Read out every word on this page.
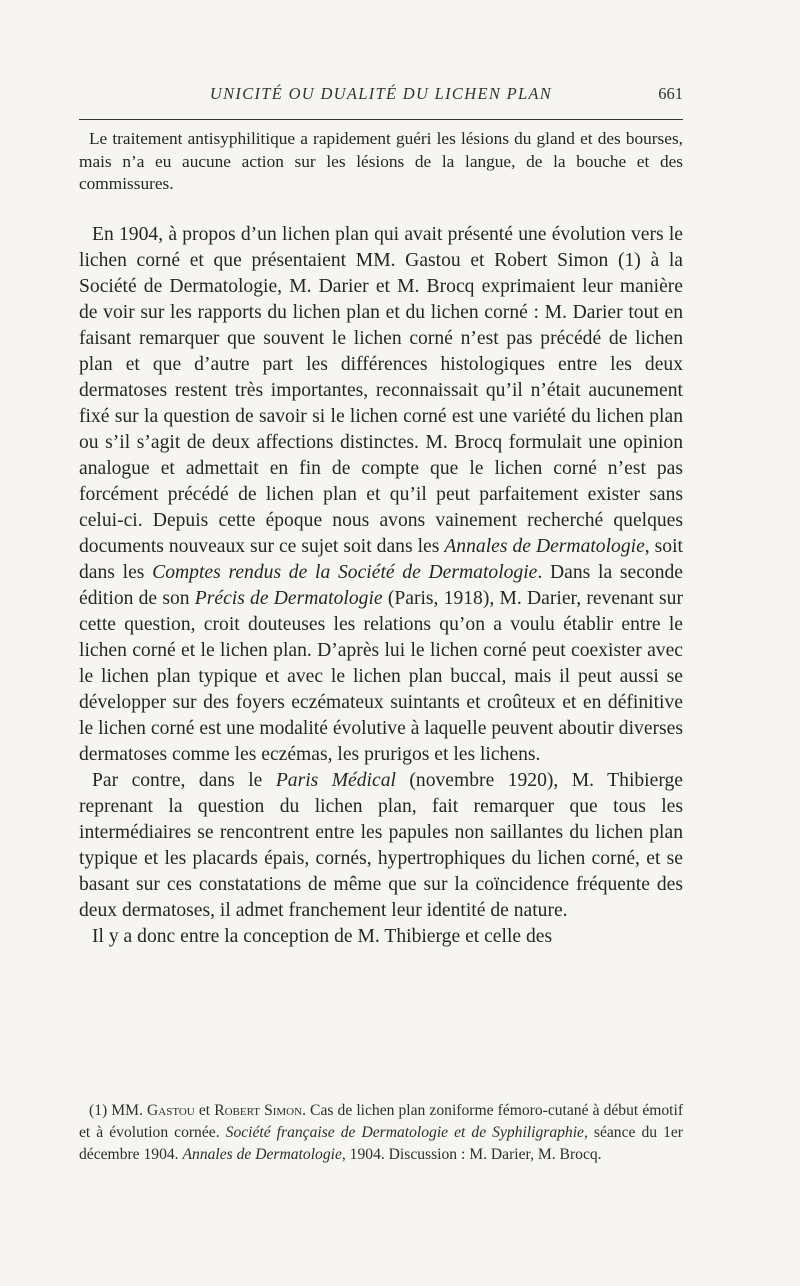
UNICITÉ OU DUALITÉ DU LICHEN PLAN	661

Le traitement antisyphilitique a rapidement guéri les lésions du gland et des bourses, mais n’a eu aucune action sur les lésions de la langue, de la bouche et des commissures.

En 1904, à propos d’un lichen plan qui avait présenté une évolution vers le lichen corné et que présentaient MM. Gastou et Robert Simon (1) à la Société de Dermatologie, M. Darier et M. Brocq exprimaient leur manière de voir sur les rapports du lichen plan et du lichen corné : M. Darier tout en faisant remarquer que souvent le lichen corné n’est pas précédé de lichen plan et que d’autre part les différences histologiques entre les deux dermatoses restent très importantes, reconnaissait qu’il n’était aucunement fixé sur la question de savoir si le lichen corné est une variété du lichen plan ou s’il s’agit de deux affections distinctes. M. Brocq formulait une opinion analogue et admettait en fin de compte que le lichen corné n’est pas forcément précédé de lichen plan et qu’il peut parfaitement exister sans celui-ci. Depuis cette époque nous avons vainement recherché quelques documents nouveaux sur ce sujet soit dans les Annales de Dermatologie, soit dans les Comptes rendus de la Société de Dermatologie. Dans la seconde édition de son Précis de Dermatologie (Paris, 1918), M. Darier, revenant sur cette question, croit douteuses les relations qu’on a voulu établir entre le lichen corné et le lichen plan. D’après lui le lichen corné peut coexister avec le lichen plan typique et avec le lichen plan buccal, mais il peut aussi se développer sur des foyers eczémateux suintants et croûteux et en définitive le lichen corné est une modalité évolutive à laquelle peuvent aboutir diverses dermatoses comme les eczémas, les prurigos et les lichens.

Par contre, dans le Paris Médical (novembre 1920), M. Thibierge reprenant la question du lichen plan, fait remarquer que tous les intermédiaires se rencontrent entre les papules non saillantes du lichen plan typique et les placards épais, cornés, hypertrophiques du lichen corné, et se basant sur ces constatations de même que sur la coïncidence fréquente des deux dermatoses, il admet franchement leur identité de nature.

Il y a donc entre la conception de M. Thibierge et celle des

(1) MM. Gastou et Robert Simon. Cas de lichen plan zoniforme fémoro-cutané à début émotif et à évolution cornée. Société française de Dermatologie et de Syphiligraphie, séance du 1er décembre 1904. Annales de Dermatologie, 1904. Discussion : M. Darier, M. Brocq.
